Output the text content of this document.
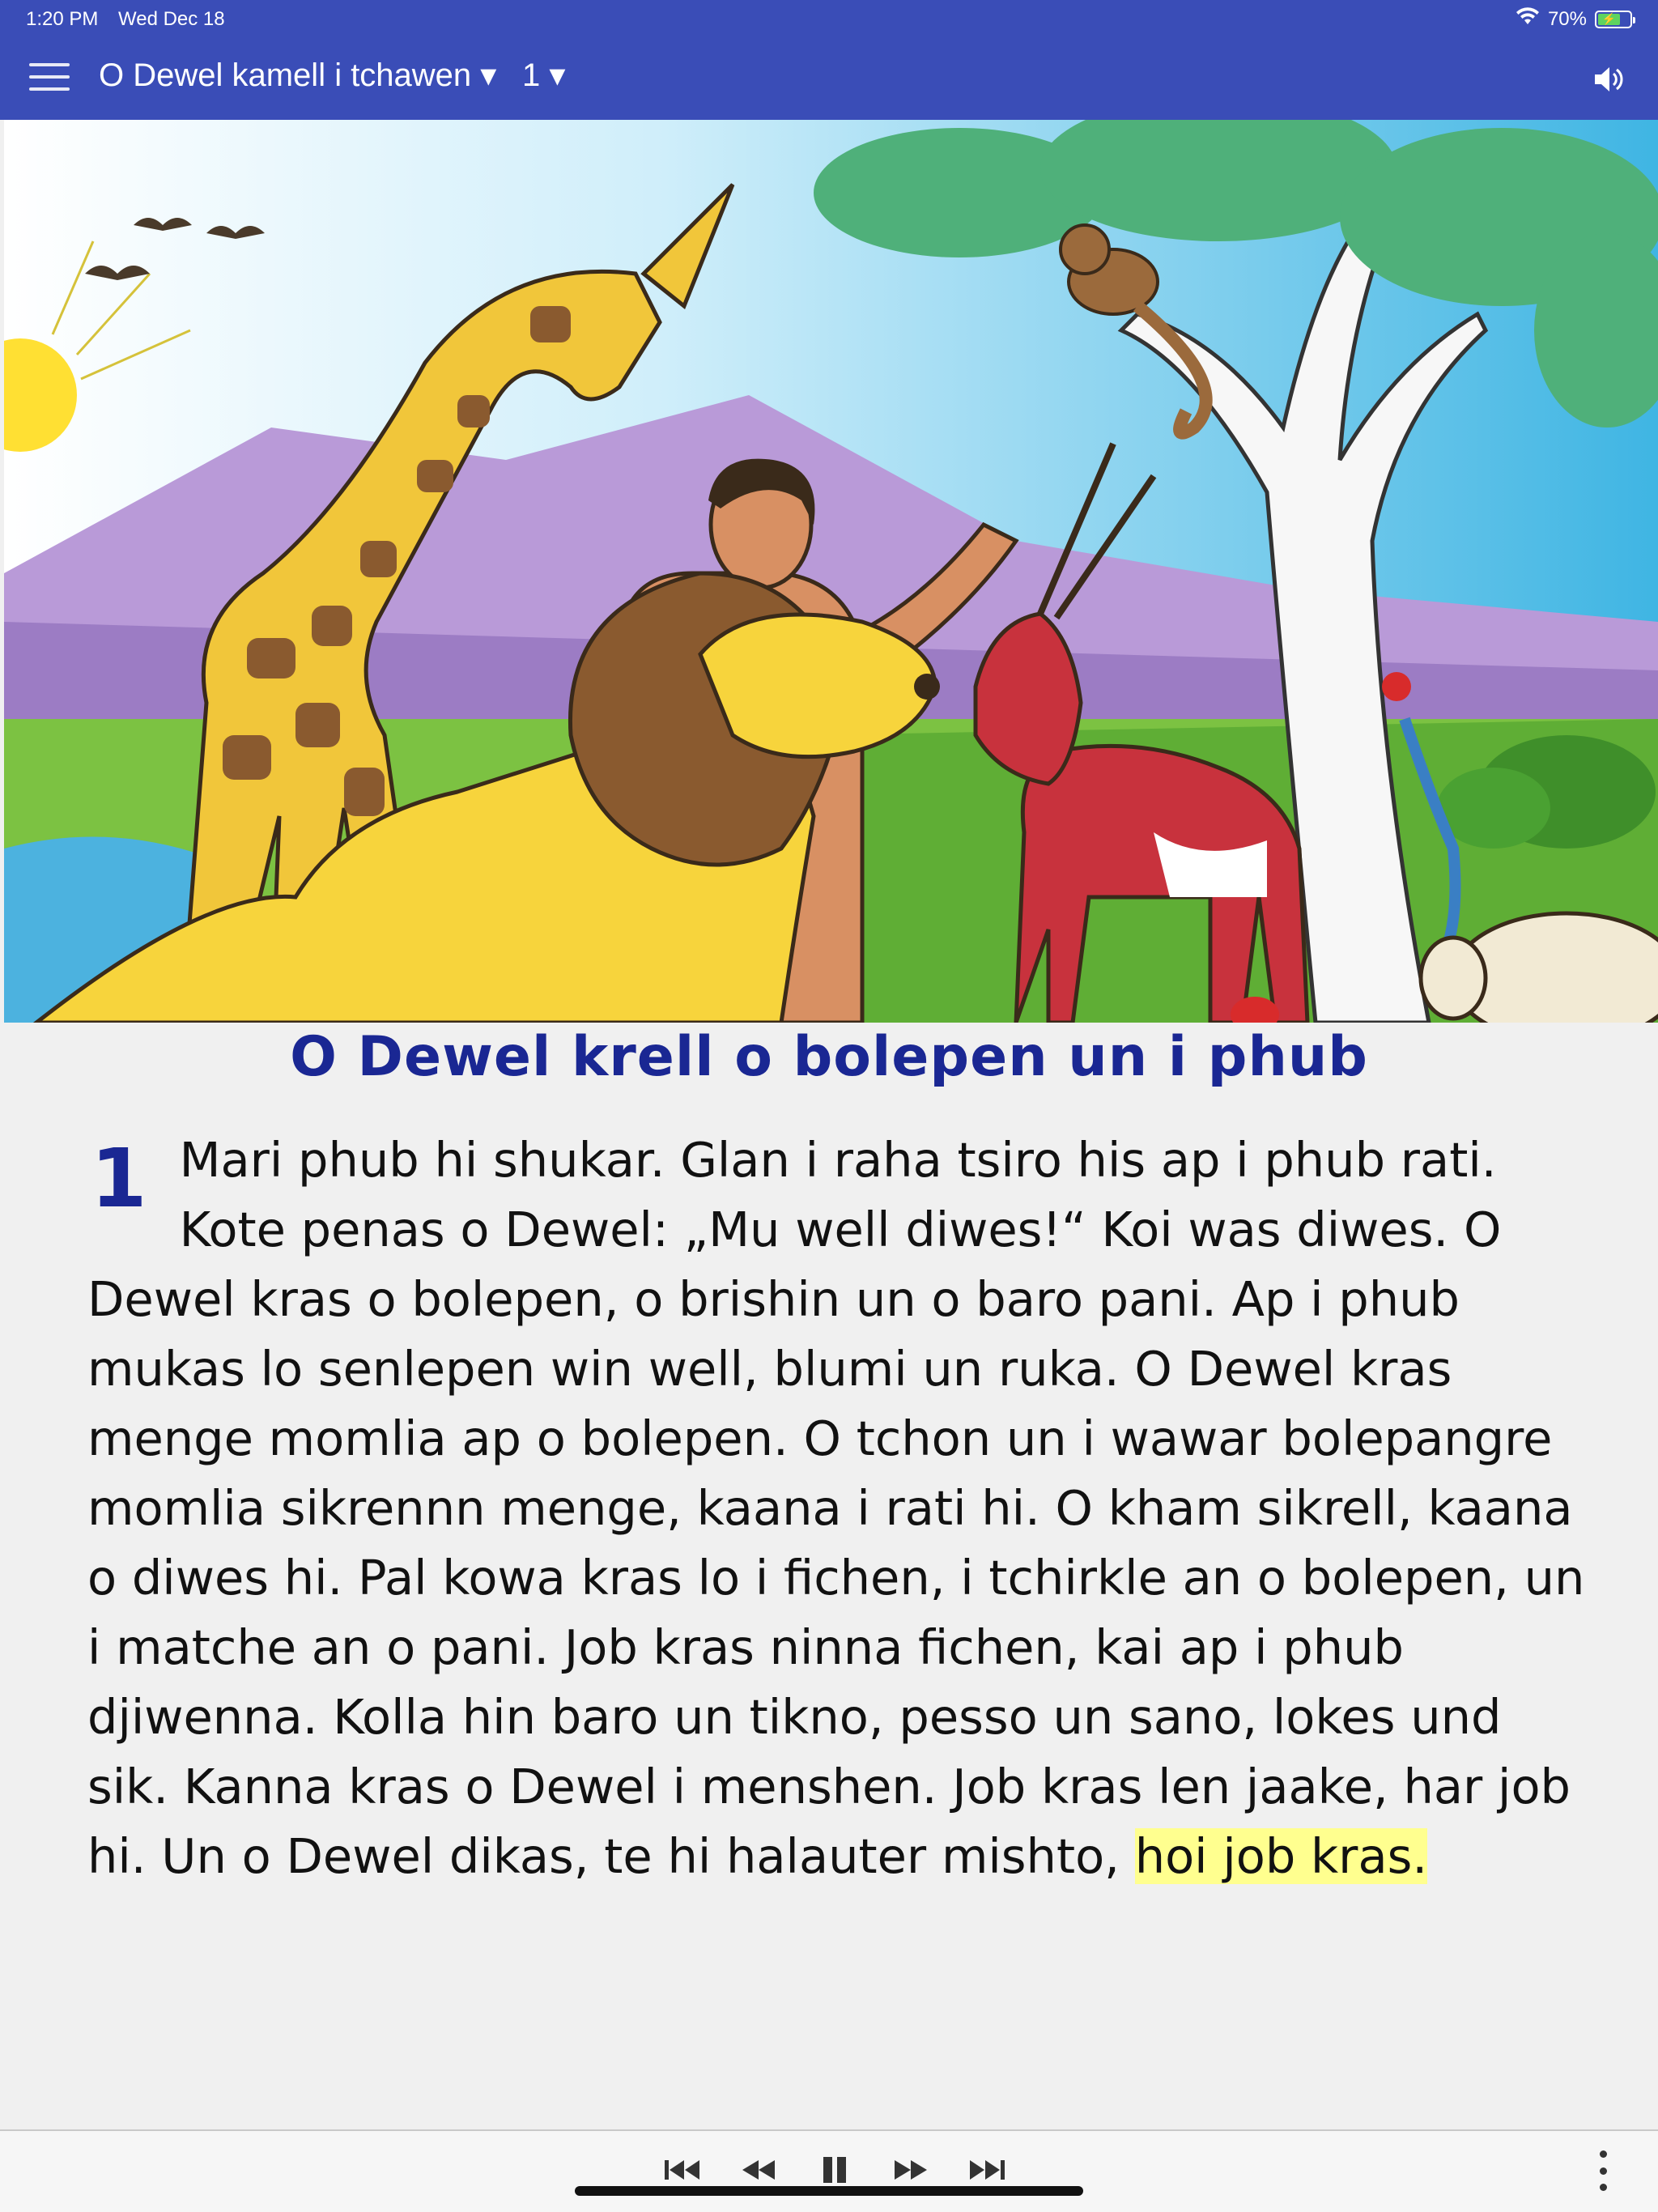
1:20 PM Wed Dec 18	70%	⚡
O Dewel kamell i tchawen ▾ 1 ▾
O Dewel krell o bolepen un i phub
1 Mari phub hi shukar. Glan i raha tsiro his ap i phub rati. Kote penas o Dewel: „Mu well diwes!“ Koi was diwes. O Dewel kras o bolepen, o brishin un o baro pani. Ap i phub mukas lo senlepen win well, blumi un ruka. O Dewel kras menge momlia ap o bolepen. O tchon un i wawar bolepangre momlia sikrennn menge, kaana i rati hi. O kham sikrell, kaana o diwes hi. Pal kowa kras lo i fichen, i tchirkle an o bolepen, un i matche an o pani. Job kras ninna fichen, kai ap i phub djiwenna. Kolla hin baro un tikno, pesso un sano, lokes und sik. Kanna kras o Dewel i menshen. Job kras len jaake, har job hi. Un o Dewel dikas, te hi halauter mishto, hoi job kras.
